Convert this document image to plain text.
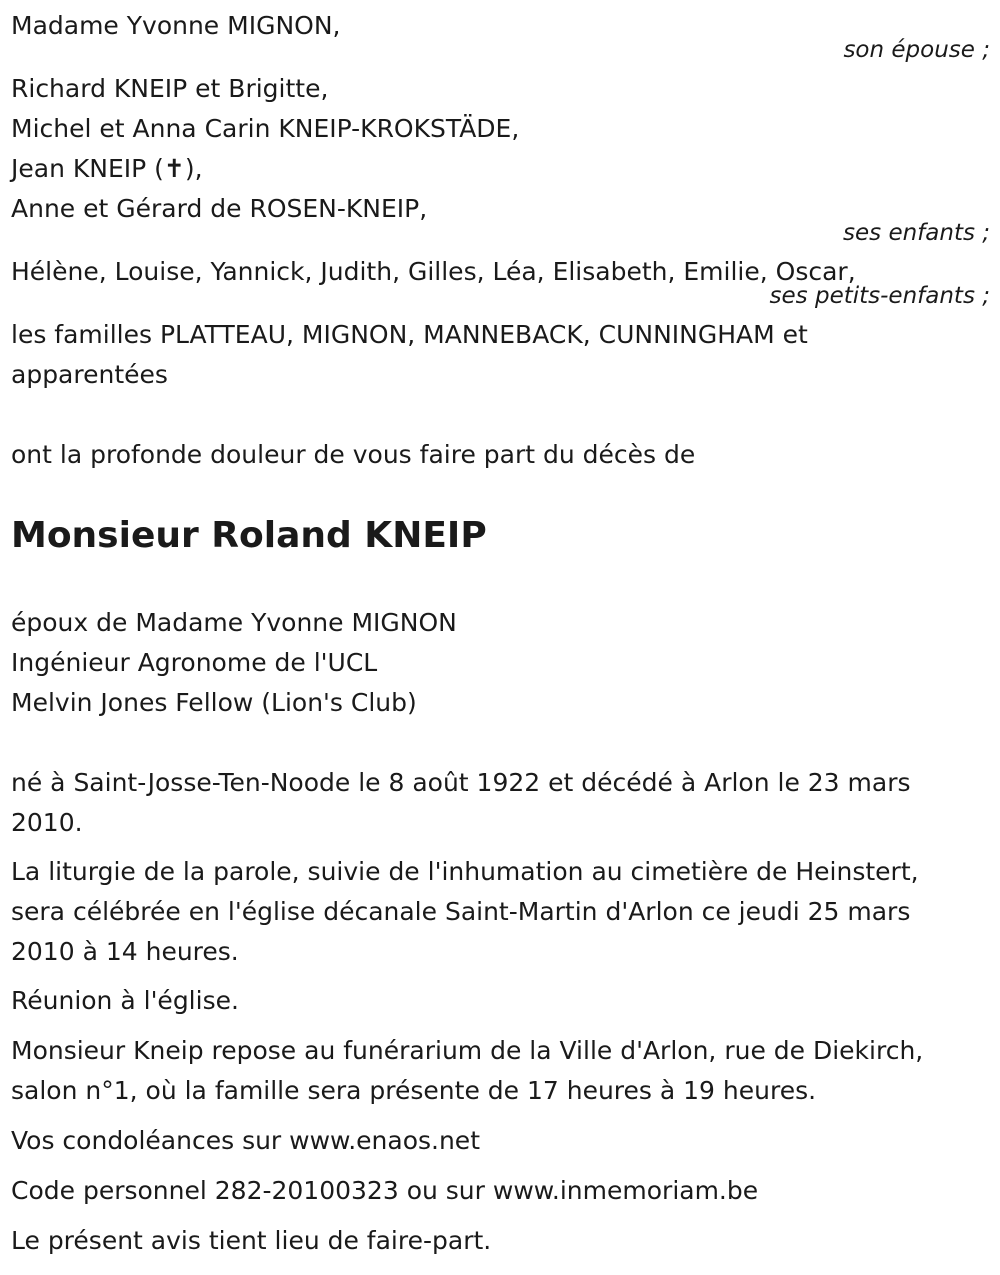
Madame Yvonne MIGNON,
son épouse ;
Richard KNEIP et Brigitte,
Michel et Anna Carin KNEIP-KROKSTÄDE,
Jean KNEIP (✝),
Anne et Gérard de ROSEN-KNEIP,
ses enfants ;
Hélène, Louise, Yannick, Judith, Gilles, Léa, Elisabeth, Emilie, Oscar,
ses petits-enfants ;
les familles PLATTEAU, MIGNON, MANNEBACK, CUNNINGHAM et
apparentées
ont la profonde douleur de vous faire part du décès de
Monsieur Roland KNEIP
époux de Madame Yvonne MIGNON
Ingénieur Agronome de l'UCL
Melvin Jones Fellow (Lion's Club)
né à Saint-Josse-Ten-Noode le 8 août 1922 et décédé à Arlon le 23 mars
2010.
La liturgie de la parole, suivie de l'inhumation au cimetière de Heinstert,
sera célébrée en l'église décanale Saint-Martin d'Arlon ce jeudi 25 mars
2010 à 14 heures.
Réunion à l'église.
Monsieur Kneip repose au funérarium de la Ville d'Arlon, rue de Diekirch,
salon n°1, où la famille sera présente de 17 heures à 19 heures.
Vos condoléances sur www.enaos.net
Code personnel 282-20100323 ou sur www.inmemoriam.be
Le présent avis tient lieu de faire-part.
